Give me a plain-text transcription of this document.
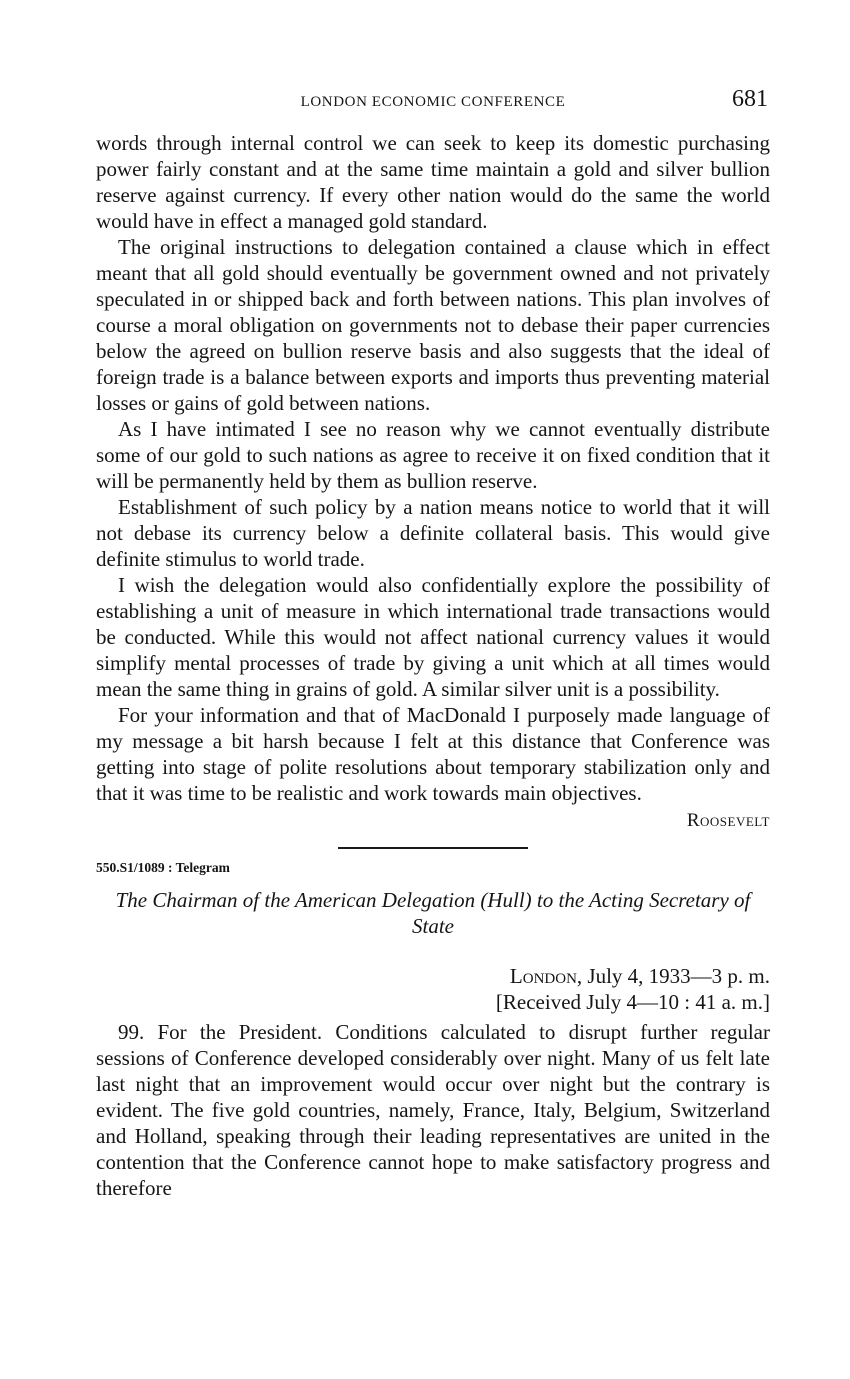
LONDON ECONOMIC CONFERENCE	681

words through internal control we can seek to keep its domestic purchasing power fairly constant and at the same time maintain a gold and silver bullion reserve against currency. If every other nation would do the same the world would have in effect a managed gold standard.

The original instructions to delegation contained a clause which in effect meant that all gold should eventually be government owned and not privately speculated in or shipped back and forth between nations. This plan involves of course a moral obligation on governments not to debase their paper currencies below the agreed on bullion reserve basis and also suggests that the ideal of foreign trade is a balance between exports and imports thus preventing material losses or gains of gold between nations.

As I have intimated I see no reason why we cannot eventually distribute some of our gold to such nations as agree to receive it on fixed condition that it will be permanently held by them as bullion reserve.

Establishment of such policy by a nation means notice to world that it will not debase its currency below a definite collateral basis. This would give definite stimulus to world trade.

I wish the delegation would also confidentially explore the possibility of establishing a unit of measure in which international trade transactions would be conducted. While this would not affect national currency values it would simplify mental processes of trade by giving a unit which at all times would mean the same thing in grains of gold. A similar silver unit is a possibility.

For your information and that of MacDonald I purposely made language of my message a bit harsh because I felt at this distance that Conference was getting into stage of polite resolutions about temporary stabilization only and that it was time to be realistic and work towards main objectives.

Roosevelt
550.S1/1089 : Telegram
The Chairman of the American Delegation (Hull) to the Acting Secretary of State
London, July 4, 1933—3 p. m.
[Received July 4—10 : 41 a. m.]

99. For the President. Conditions calculated to disrupt further regular sessions of Conference developed considerably over night. Many of us felt late last night that an improvement would occur over night but the contrary is evident. The five gold countries, namely, France, Italy, Belgium, Switzerland and Holland, speaking through their leading representatives are united in the contention that the Conference cannot hope to make satisfactory progress and therefore
